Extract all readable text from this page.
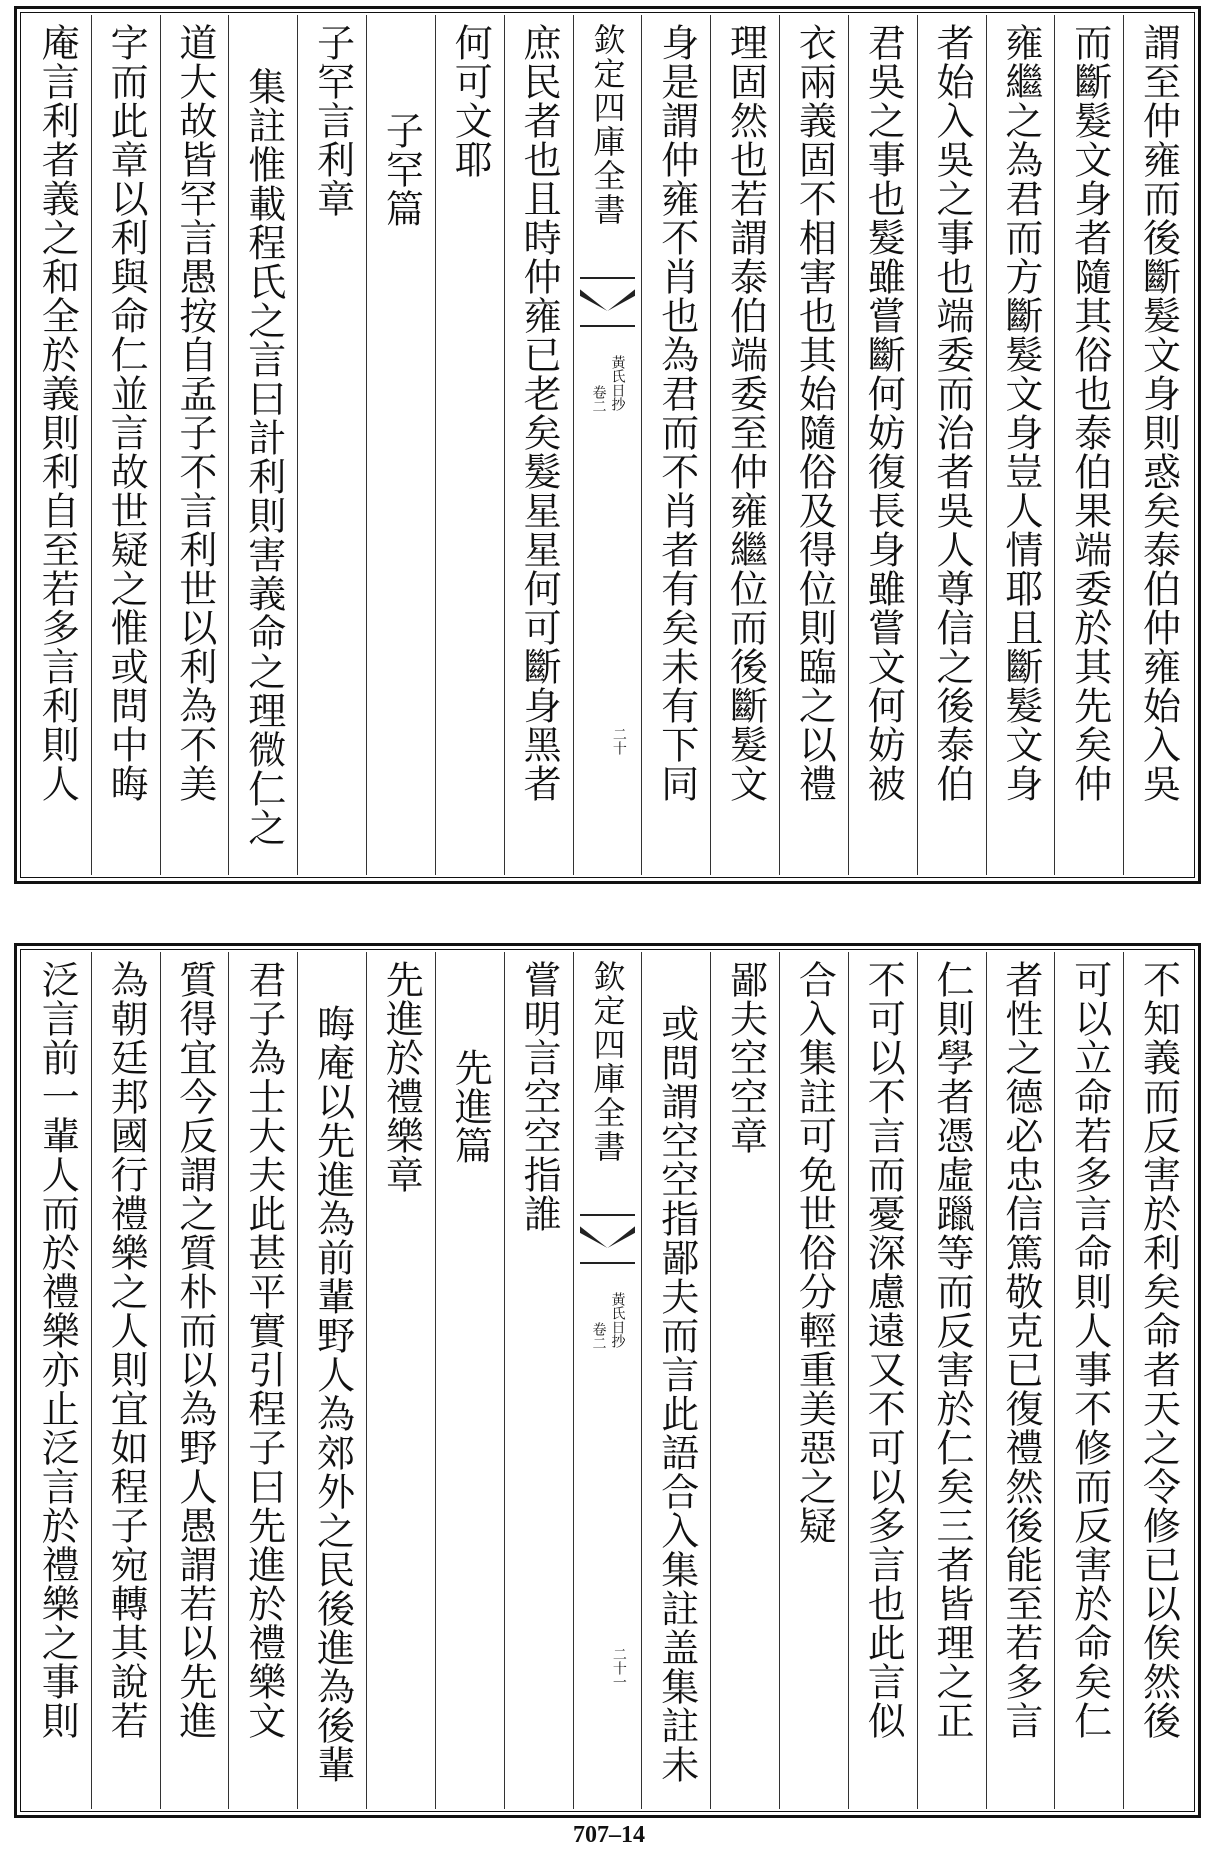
謂至仲雍而後斷髮文身則惑矣泰伯仲雍始入吳
而斷髮文身者隨其俗也泰伯果端委於其先矣仲
雍繼之為君而方斷髮文身豈人情耶且斷髮文身
者始入吳之事也端委而治者吳人尊信之後泰伯
君吳之事也髮雖嘗斷何妨復長身雖嘗文何妨被
衣兩義固不相害也其始隨俗及得位則臨之以禮
理固然也若謂泰伯端委至仲雍繼位而後斷髮文
身是謂仲雍不肖也為君而不肖者有矣未有下同
欽定四庫全書
黃氏日抄
卷二
二十
庶民者也且時仲雍已老矣髮星星何可斷身黑者
何可文耶
子罕篇
子罕言利章
集註惟載程氏之言曰計利則害義命之理微仁之
道大故皆罕言愚按自孟子不言利世以利為不美
字而此章以利與命仁並言故世疑之惟或問中晦
庵言利者義之和全於義則利自至若多言利則人
不知義而反害於利矣命者天之令修已以俟然後
可以立命若多言命則人事不修而反害於命矣仁
者性之德必忠信篤敬克已復禮然後能至若多言
仁則學者憑虛躐等而反害於仁矣三者皆理之正
不可以不言而憂深慮遠又不可以多言也此言似
合入集註可免世俗分輕重美惡之疑
鄙夫空空章
或問謂空空指鄙夫而言此語合入集註盖集註未
欽定四庫全書
黃氏日抄
卷二
二十一
嘗明言空空指誰
先進篇
先進於禮樂章
晦庵以先進為前輩野人為郊外之民後進為後輩
君子為士大夫此甚平實引程子曰先進於禮樂文
質得宜今反謂之質朴而以為野人愚謂若以先進
為朝廷邦國行禮樂之人則宜如程子宛轉其說若
泛言前一輩人而於禮樂亦止泛言於禮樂之事則
707–14
